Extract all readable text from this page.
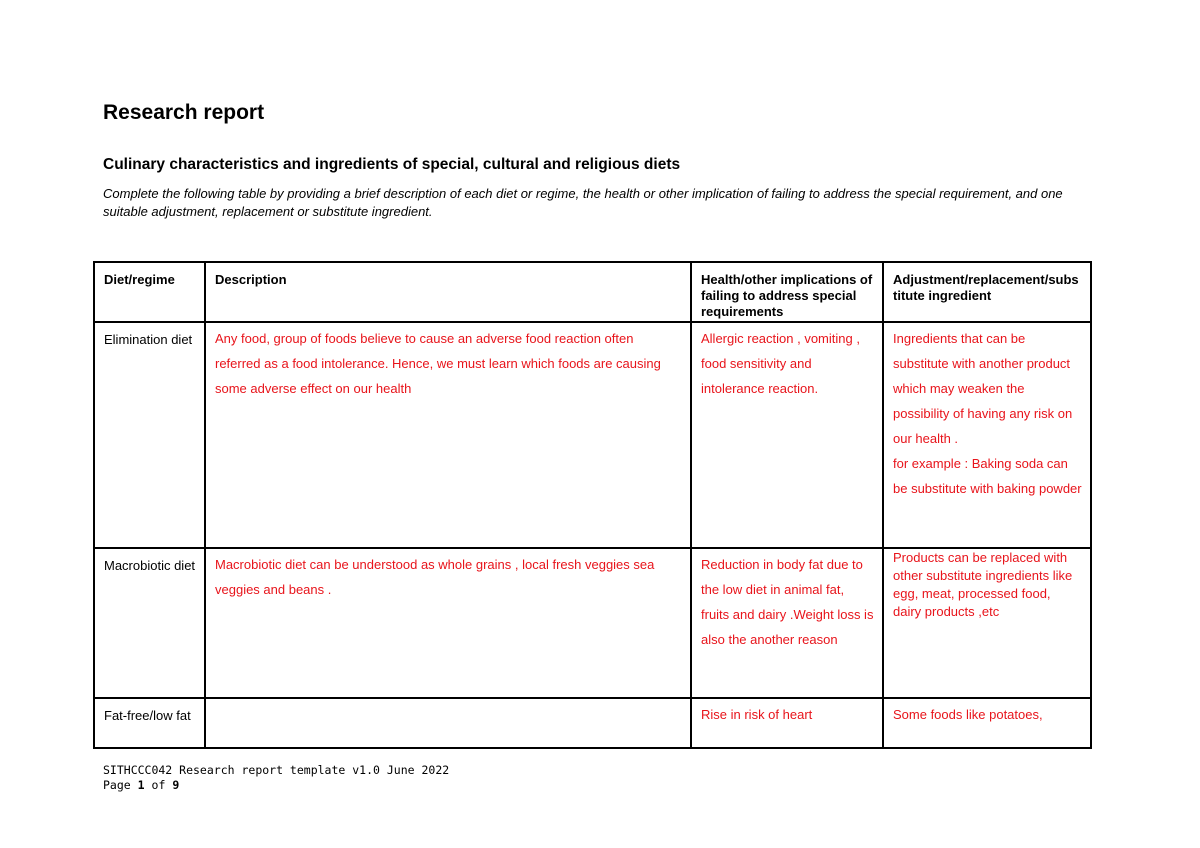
Research report
Culinary characteristics and ingredients of special, cultural and religious diets
Complete the following table by providing a brief description of each diet or regime, the health or other implication of failing to address the special requirement, and one suitable adjustment, replacement or substitute ingredient.
Diet/regime	Description	Health/other implications of failing to address special requirements	Adjustment/replacement/substitute ingredient

Elimination diet	Any food, group of foods believe to cause an adverse food reaction often referred as a food intolerance. Hence, we must learn which foods are causing some adverse effect on our health	Allergic reaction , vomiting , food sensitivity and intolerance reaction.	Ingredients that can be substitute with another product which may weaken the possibility of having any risk on our health .
for example : Baking soda can be substitute with baking powder

Macrobiotic diet	Macrobiotic diet can be understood as whole grains , local fresh veggies sea veggies and beans .	Reduction in body fat due to the low diet in animal fat, fruits and dairy .Weight loss is also the another reason	Products can be replaced with other substitute ingredients like egg, meat, processed food, dairy products ,etc

Fat-free/low fat		Rise in risk of heart	Some foods like potatoes,
SITHCCC042 Research report template v1.0 June 2022
Page 1 of 9
